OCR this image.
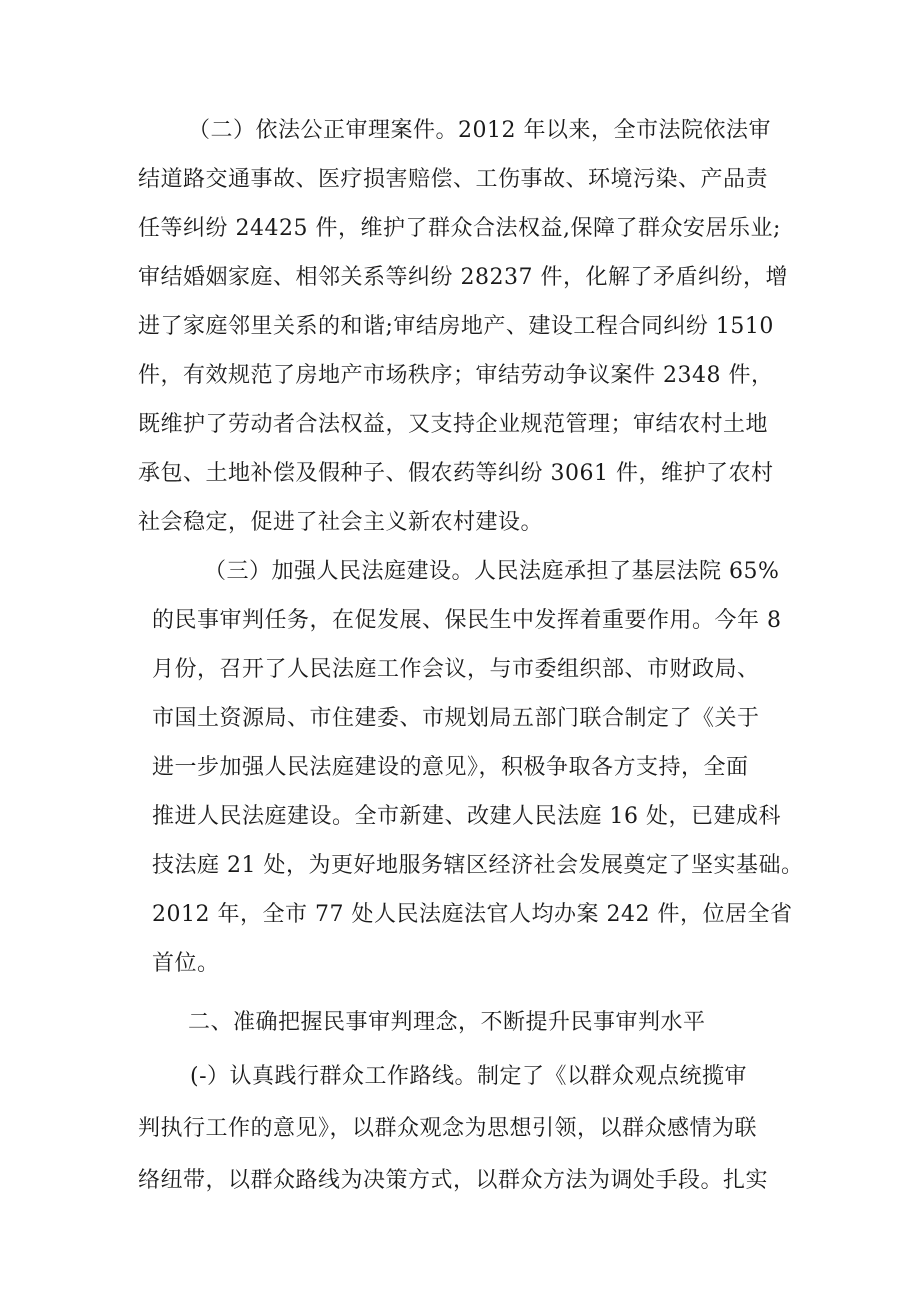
（二）依法公正审理案件。2012 年以来，全市法院依法审
结道路交通事故、医疗损害赔偿、工伤事故、环境污染、产品责
任等纠纷 24425 件，维护了群众合法权益,保障了群众安居乐业;
审结婚姻家庭、相邻关系等纠纷 28237 件，化解了矛盾纠纷，增
进了家庭邻里关系的和谐;审结房地产、建设工程合同纠纷 1510
件，有效规范了房地产市场秩序；审结劳动争议案件 2348 件，
既维护了劳动者合法权益，又支持企业规范管理；审结农村土地
承包、土地补偿及假种子、假农药等纠纷 3061 件，维护了农村
社会稳定，促进了社会主义新农村建设。
（三）加强人民法庭建设。人民法庭承担了基层法院 65%
的民事审判任务，在促发展、保民生中发挥着重要作用。今年 8
月份，召开了人民法庭工作会议，与市委组织部、市财政局、
市国土资源局、市住建委、市规划局五部门联合制定了《关于
进一步加强人民法庭建设的意见》，积极争取各方支持，全面
推进人民法庭建设。全市新建、改建人民法庭 16 处，已建成科
技法庭 21 处，为更好地服务辖区经济社会发展奠定了坚实基础。
2012 年，全市 77 处人民法庭法官人均办案 242 件，位居全省
首位。
二、准确把握民事审判理念，不断提升民事审判水平
(-）认真践行群众工作路线。制定了《以群众观点统揽审
判执行工作的意见》，以群众观念为思想引领，以群众感情为联
络纽带，以群众路线为决策方式，以群众方法为调处手段。扎实
